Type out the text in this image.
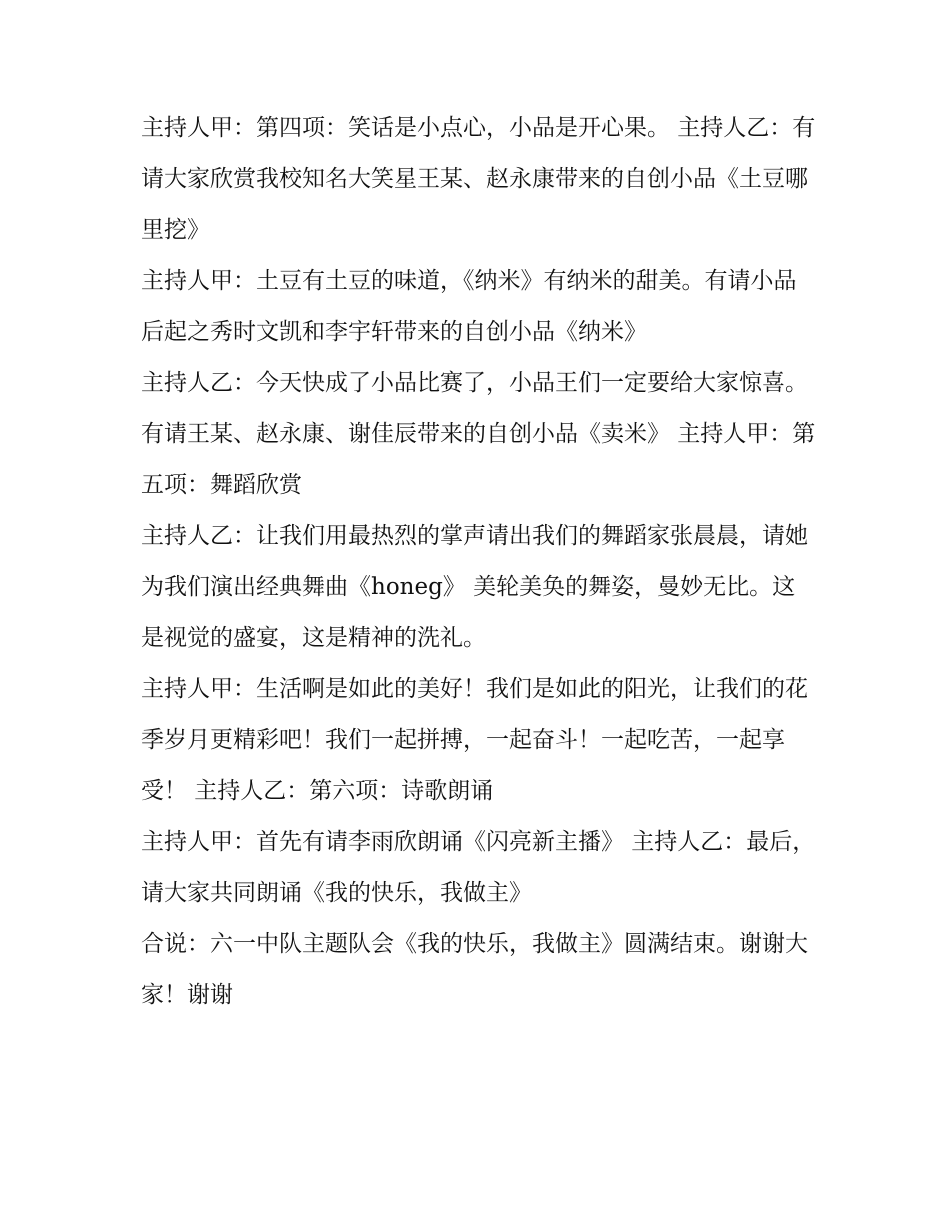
主持人甲：第四项：笑话是小点心，小品是开心果。 主持人乙：有请大家欣赏我校知名大笑星王某、赵永康带来的自创小品《土豆哪里挖》

主持人甲：土豆有土豆的味道，《纳米》有纳米的甜美。有请小品后起之秀时文凯和李宇轩带来的自创小品《纳米》

主持人乙：今天快成了小品比赛了，小品王们一定要给大家惊喜。有请王某、赵永康、谢佳辰带来的自创小品《卖米》 主持人甲：第五项：舞蹈欣赏

主持人乙：让我们用最热烈的掌声请出我们的舞蹈家张晨晨，请她为我们演出经典舞曲《honeg》 美轮美奂的舞姿，曼妙无比。这是视觉的盛宴，这是精神的洗礼。

主持人甲：生活啊是如此的美好！我们是如此的阳光，让我们的花季岁月更精彩吧！我们一起拼搏，一起奋斗！一起吃苦，一起享受！ 主持人乙：第六项：诗歌朗诵

主持人甲：首先有请李雨欣朗诵《闪亮新主播》 主持人乙：最后，请大家共同朗诵《我的快乐，我做主》

合说：六一中队主题队会《我的快乐，我做主》圆满结束。谢谢大家！谢谢
